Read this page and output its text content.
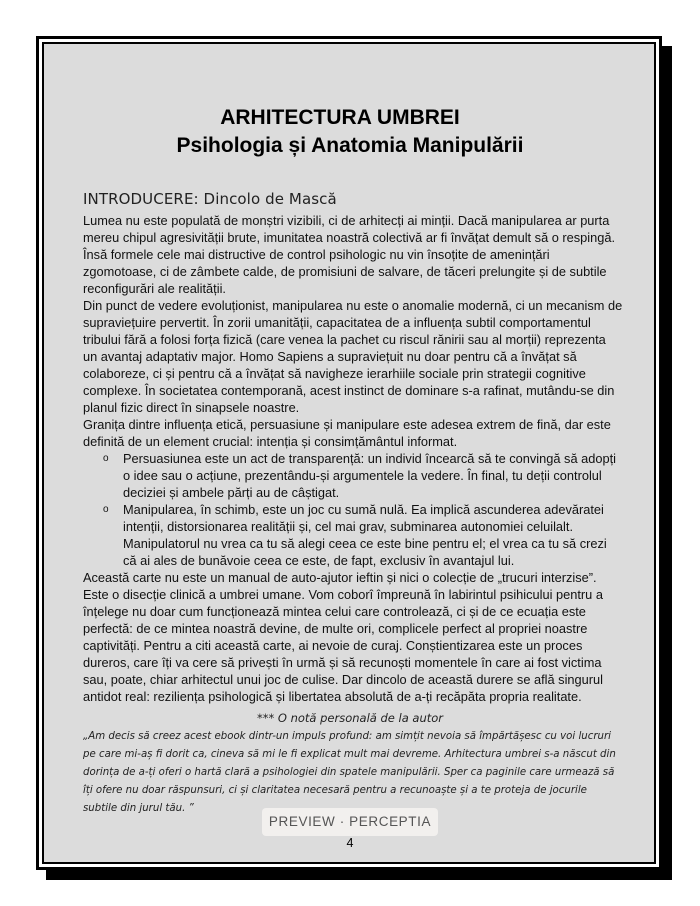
ARHITECTURA UMBREI
Psihologia și Anatomia Manipulării
INTRODUCERE: Dincolo de Mască

Lumea nu este populată de monștri vizibili, ci de arhitecți ai minții. Dacă manipularea ar purta mereu chipul agresivității brute, imunitatea noastră colectivă ar fi învățat demult să o respingă. Însă formele cele mai distructive de control psihologic nu vin însoțite de amenințări zgomotoase, ci de zâmbete calde, de promisiuni de salvare, de tăceri prelungite și de subtile reconfigurări ale realității.

Din punct de vedere evoluționist, manipularea nu este o anomalie modernă, ci un mecanism de supraviețuire pervertit. În zorii umanității, capacitatea de a influența subtil comportamentul tribului fără a folosi forța fizică (care venea la pachet cu riscul rănirii sau al morții) reprezenta un avantaj adaptativ major. Homo Sapiens a supraviețuit nu doar pentru că a învățat să colaboreze, ci și pentru că a învățat să navigheze ierarhiile sociale prin strategii cognitive complexe. În societatea contemporană, acest instinct de dominare s-a rafinat, mutându-se din planul fizic direct în sinapsele noastre.

Granița dintre influența etică, persuasiune și manipulare este adesea extrem de fină, dar este definită de un element crucial: intenția și consimțământul informat.

o Persuasiunea este un act de transparență: un individ încearcă să te convingă să adopți o idee sau o acțiune, prezentându-și argumentele la vedere. În final, tu deții controlul deciziei și ambele părți au de câștigat.
o Manipularea, în schimb, este un joc cu sumă nulă. Ea implică ascunderea adevăratei intenții, distorsionarea realității și, cel mai grav, subminarea autonomiei celuilalt. Manipulatorul nu vrea ca tu să alegi ceea ce este bine pentru el; el vrea ca tu să crezi că ai ales de bunăvoie ceea ce este, de fapt, exclusiv în avantajul lui.

Această carte nu este un manual de auto-ajutor ieftin și nici o colecție de „trucuri interzise”. Este o disecție clinică a umbrei umane. Vom coborî împreună în labirintul psihicului pentru a înțelege nu doar cum funcționează mintea celui care controlează, ci și de ce ecuația este perfectă: de ce mintea noastră devine, de multe ori, complicele perfect al propriei noastre captivități. Pentru a citi această carte, ai nevoie de curaj. Conștientizarea este un proces dureros, care îți va cere să privești în urmă și să recunoști momentele în care ai fost victima sau, poate, chiar arhitectul unui joc de culise. Dar dincolo de această durere se află singurul antidot real: reziliența psihologică și libertatea absolută de a-ți recăpăta propria realitate.

*** O notă personală de la autor
„Am decis să creez acest ebook dintr-un impuls profund: am simțit nevoia să împărtășesc cu voi lucruri pe care mi-aș fi dorit ca, cineva să mi le fi explicat mult mai devreme. Arhitectura umbrei s-a născut din dorința de a-ți oferi o hartă clară a psihologiei din spatele manipulării. Sper ca paginile care urmează să îți ofere nu doar răspunsuri, ci și claritatea necesară pentru a recunoaște și a te proteja de jocurile subtile din jurul tău. ”
PREVIEW · PERCEPTIA
4
